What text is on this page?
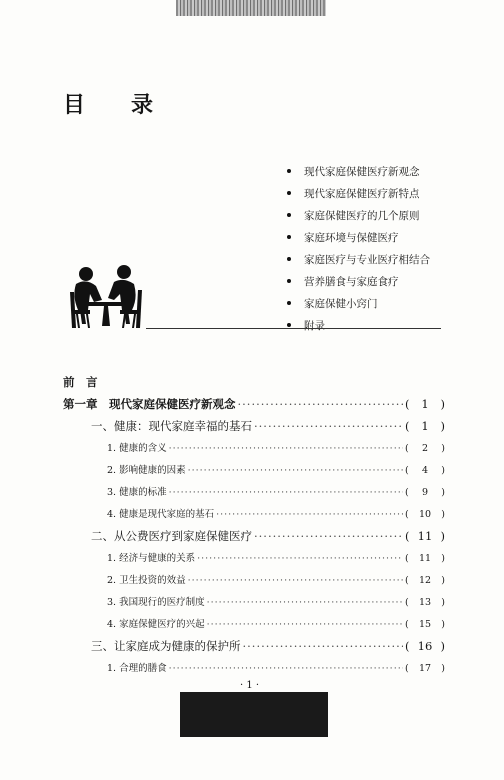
目 录
现代家庭保健医疗新观念
现代家庭保健医疗新特点
家庭保健医疗的几个原则
家庭环境与保健医疗
家庭医疗与专业医疗相结合
营养膳食与家庭食疗
家庭保健小窍门
附录
前　言
第一章　现代家庭保健医疗新观念 ·····	( 1 )
一、健康：现代家庭幸福的基石 ·····	( 1 )
1. 健康的含义 ·····	( 2 )
2. 影响健康的因素 ·····	( 4 )
3. 健康的标准 ·····	( 9 )
4. 健康是现代家庭的基石 ·····	( 10 )
二、从公费医疗到家庭保健医疗 ·····	( 11 )
1. 经济与健康的关系 ·····	( 11 )
2. 卫生投资的效益 ·····	( 12 )
3. 我国现行的医疗制度 ·····	( 13 )
4. 家庭保健医疗的兴起 ·····	( 15 )
三、让家庭成为健康的保护所 ·····	( 16 )
1. 合理的膳食 ·····	( 17 )
· 1 ·
